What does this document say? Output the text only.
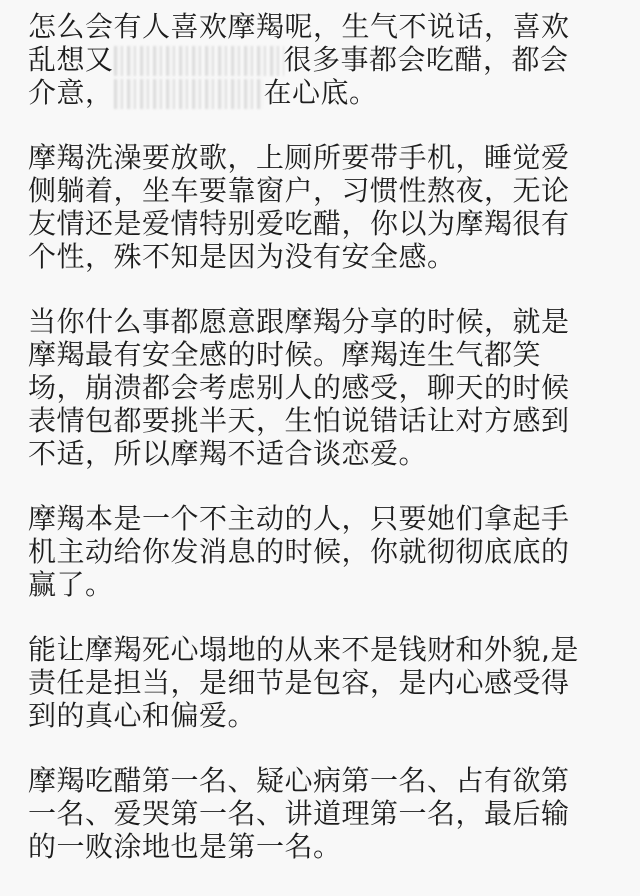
怎么会有人喜欢摩羯呢，生气不说话，喜欢
乱想又	很多事都会吃醋，都会
介意，	在心底。

摩羯洗澡要放歌，上厕所要带手机，睡觉爱
侧躺着，坐车要靠窗户，习惯性熬夜，无论
友情还是爱情特别爱吃醋，你以为摩羯很有
个性，殊不知是因为没有安全感。

当你什么事都愿意跟摩羯分享的时候，就是
摩羯最有安全感的时候。摩羯连生气都笑
场，崩溃都会考虑别人的感受，聊天的时候
表情包都要挑半天，生怕说错话让对方感到
不适，所以摩羯不适合谈恋爱。

摩羯本是一个不主动的人，只要她们拿起手
机主动给你发消息的时候，你就彻彻底底的
赢了。

能让摩羯死心塌地的从来不是钱财和外貌,是
责任是担当，是细节是包容，是内心感受得
到的真心和偏爱。

摩羯吃醋第一名、疑心病第一名、占有欲第
一名、爱哭第一名、讲道理第一名，最后输
的一败涂地也是第一名。
